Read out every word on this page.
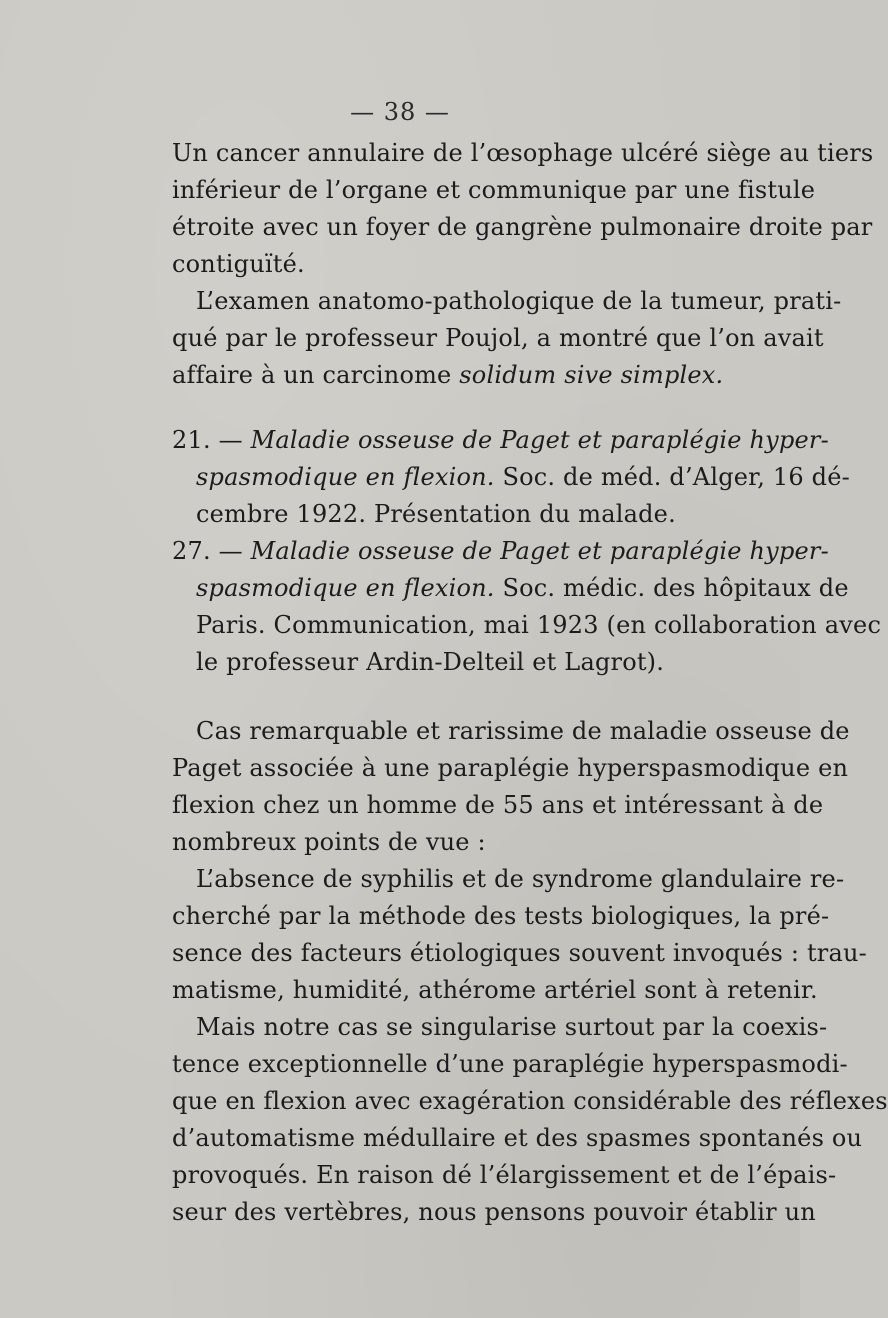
— 38 —
Un cancer annulaire de l’œsophage ulcéré siège au tiers
inférieur de l’organe et communique par une fistule
étroite avec un foyer de gangrène pulmonaire droite par
contiguïté.
L’examen anatomo-pathologique de la tumeur, prati-
qué par le professeur Poujol, a montré que l’on avait
affaire à un carcinome solidum sive simplex.
21. — Maladie osseuse de Paget et paraplégie hyper-
spasmodique en flexion. Soc. de méd. d’Alger, 16 dé-
cembre 1922. Présentation du malade.
27. — Maladie osseuse de Paget et paraplégie hyper-
spasmodique en flexion. Soc. médic. des hôpitaux de
Paris. Communication, mai 1923 (en collaboration avec
le professeur Ardin-Delteil et Lagrot).
Cas remarquable et rarissime de maladie osseuse de
Paget associée à une paraplégie hyperspasmodique en
flexion chez un homme de 55 ans et intéressant à de
nombreux points de vue :
L’absence de syphilis et de syndrome glandulaire re-
cherché par la méthode des tests biologiques, la pré-
sence des facteurs étiologiques souvent invoqués : trau-
matisme, humidité, athérome artériel sont à retenir.
Mais notre cas se singularise surtout par la coexis-
tence exceptionnelle d’une paraplégie hyperspasmodi-
que en flexion avec exagération considérable des réflexes
d’automatisme médullaire et des spasmes spontanés ou
provoqués. En raison dé l’élargissement et de l’épais-
seur des vertèbres, nous pensons pouvoir établir un
